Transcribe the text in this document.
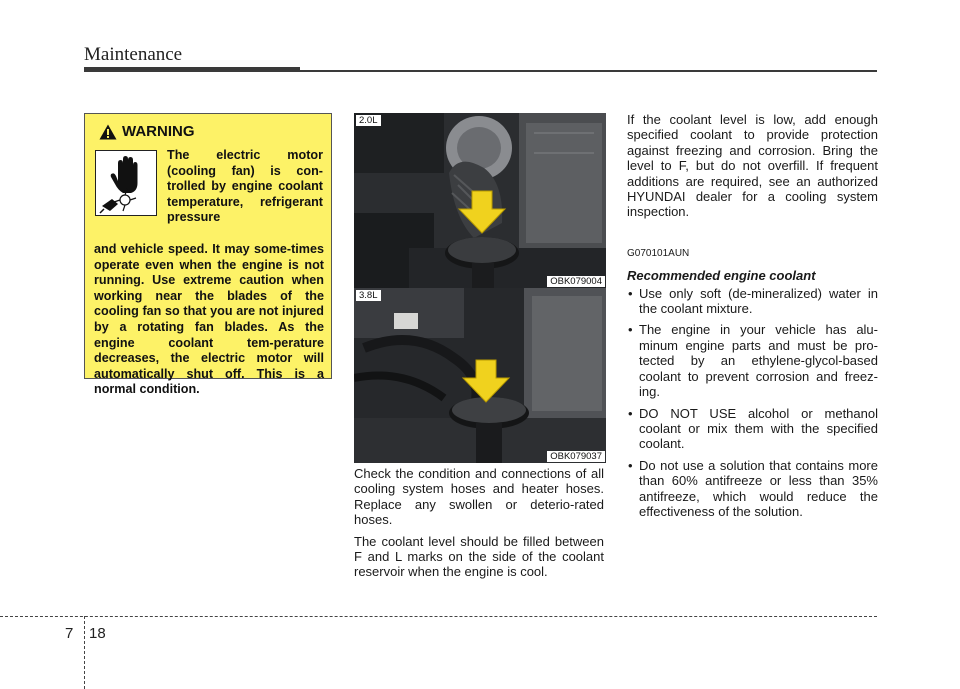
Maintenance
WARNING
The electric motor (cooling fan) is con-trolled by engine coolant temperature, refrigerant pressure
and vehicle speed. It may some-times operate even when the engine is not running. Use extreme caution when working near the blades of the cooling fan so that you are not injured by a rotating fan blades. As the engine coolant tem-perature decreases, the electric motor will automatically shut off. This is a normal condition.
2.0L
OBK079004
3.8L
OBK079037

Check the condition and connections of all cooling system hoses and heater hoses. Replace any swollen or deterio-rated hoses.

The coolant level should be filled between F and L marks on the side of the coolant reservoir when the engine is cool.

If the coolant level is low, add enough specified coolant to provide protection against freezing and corrosion. Bring the level to F, but do not overfill. If frequent additions are required, see an authorized HYUNDAI dealer for a cooling system inspection.

G070101AUN

Recommended engine coolant

• Use only soft (de-mineralized) water in the coolant mixture.
• The engine in your vehicle has alu-minum engine parts and must be pro-tected by an ethylene-glycol-based coolant to prevent corrosion and freez-ing.
• DO NOT USE alcohol or methanol coolant or mix them with the specified coolant.
• Do not use a solution that contains more than 60% antifreeze or less than 35% antifreeze, which would reduce the effectiveness of the solution.
7 18
